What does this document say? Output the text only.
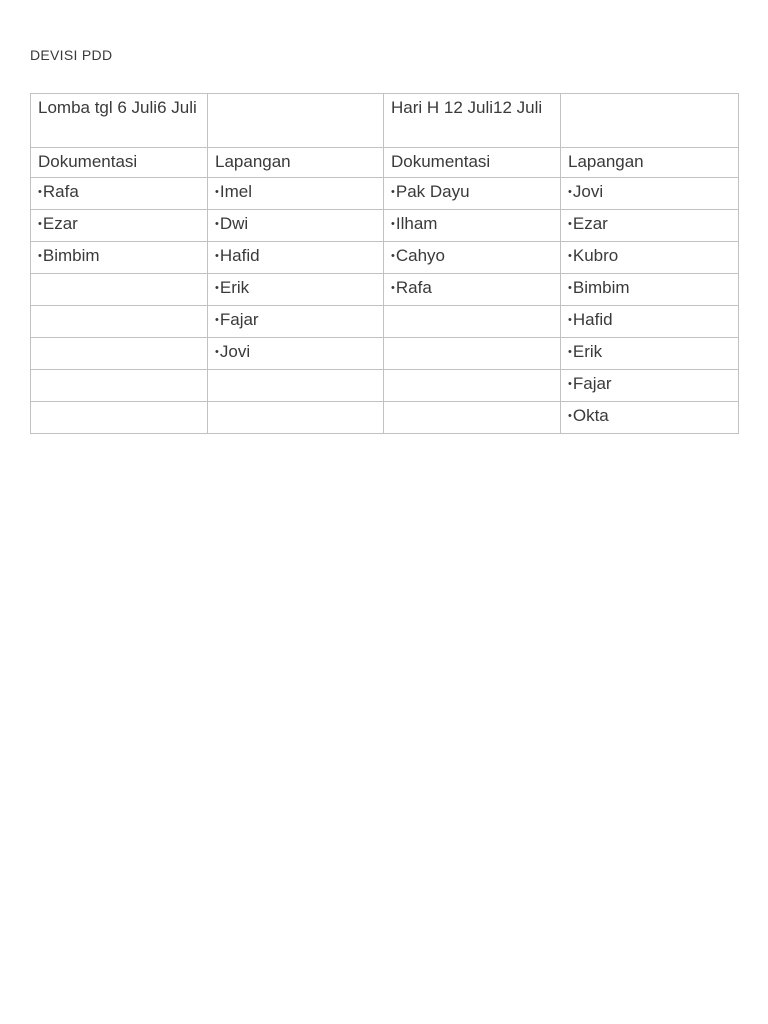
DEVISI PDD
Lomba tgl 6 Juli6 Juli		Hari H 12 Juli12 Juli	
Dokumentasi	Lapangan	Dokumentasi	Lapangan
•Rafa	•Imel	•Pak Dayu	•Jovi
•Ezar	•Dwi	•Ilham	•Ezar
•Bimbim	•Hafid	•Cahyo	•Kubro
	•Erik	•Rafa	•Bimbim
	•Fajar		•Hafid
	•Jovi		•Erik
			•Fajar
			•Okta
